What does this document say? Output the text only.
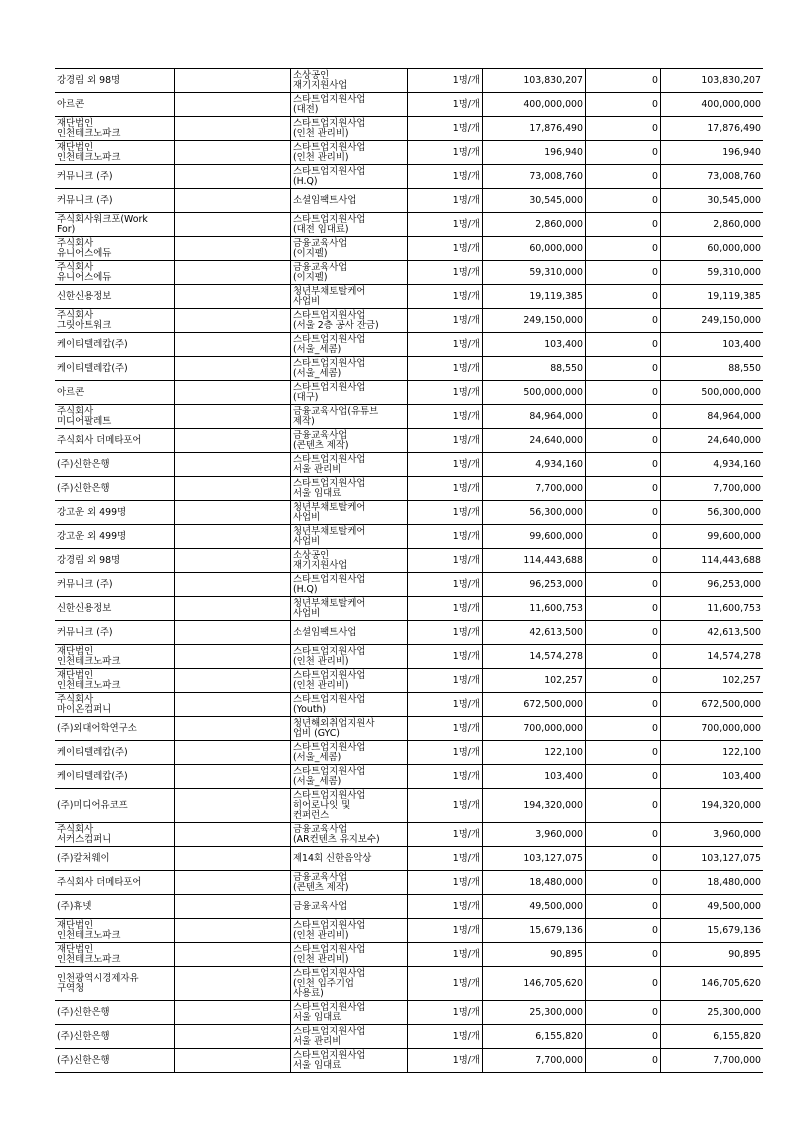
강경림 외 98명		소상공인
재기지원사업	1명/개	103,830,207	0	103,830,207
아르콘		스타트업지원사업
(대전)	1명/개	400,000,000	0	400,000,000
재단법인
인천테크노파크		스타트업지원사업
(인천 관리비)	1명/개	17,876,490	0	17,876,490
재단법인
인천테크노파크		스타트업지원사업
(인천 관리비)	1명/개	196,940	0	196,940
커뮤니크 (주)		스타트업지원사업
(H.Q)	1명/개	73,008,760	0	73,008,760
커뮤니크 (주)		소셜임팩트사업	1명/개	30,545,000	0	30,545,000
주식회사워크포(Work
For)		스타트업지원사업
(대전 임대료)	1명/개	2,860,000	0	2,860,000
주식회사
유니어스에듀		금융교육사업
(이지펠)	1명/개	60,000,000	0	60,000,000
주식회사
유니어스에듀		금융교육사업
(이지펠)	1명/개	59,310,000	0	59,310,000
신한신용정보		청년부채토탈케어
사업비	1명/개	19,119,385	0	19,119,385
주식회사
그릿아트워크		스타트업지원사업
(서울 2층 공사 잔금)	1명/개	249,150,000	0	249,150,000
케이티텔레캅(주)		스타트업지원사업
(서울_세콤)	1명/개	103,400	0	103,400
케이티텔레캅(주)		스타트업지원사업
(서울_세콤)	1명/개	88,550	0	88,550
아르콘		스타트업지원사업
(대구)	1명/개	500,000,000	0	500,000,000
주식회사
미디어팔레트		금융교육사업(유튜브
제작)	1명/개	84,964,000	0	84,964,000
주식회사 더메타포어		금융교육사업
(콘텐츠 제작)	1명/개	24,640,000	0	24,640,000
(주)신한은행		스타트업지원사업
서울 관리비	1명/개	4,934,160	0	4,934,160
(주)신한은행		스타트업지원사업
서울 임대료	1명/개	7,700,000	0	7,700,000
강고운 외 499명		청년부채토탈케어
사업비	1명/개	56,300,000	0	56,300,000
강고운 외 499명		청년부채토탈케어
사업비	1명/개	99,600,000	0	99,600,000
강경림 외 98명		소상공인
재기지원사업	1명/개	114,443,688	0	114,443,688
커뮤니크 (주)		스타트업지원사업
(H.Q)	1명/개	96,253,000	0	96,253,000
신한신용정보		청년부채토탈케어
사업비	1명/개	11,600,753	0	11,600,753
커뮤니크 (주)		소셜임팩트사업	1명/개	42,613,500	0	42,613,500
재단법인
인천테크노파크		스타트업지원사업
(인천 관리비)	1명/개	14,574,278	0	14,574,278
재단법인
인천테크노파크		스타트업지원사업
(인천 관리비)	1명/개	102,257	0	102,257
주식회사
마이온컴퍼니		스타트업지원사업
(Youth)	1명/개	672,500,000	0	672,500,000
(주)외대어학연구소		청년해외취업지원사
업비 (GYC)	1명/개	700,000,000	0	700,000,000
케이티텔레캅(주)		스타트업지원사업
(서울_세콤)	1명/개	122,100	0	122,100
케이티텔레캅(주)		스타트업지원사업
(서울_세콤)	1명/개	103,400	0	103,400
(주)미디어유코프		스타트업지원사업
히어로나잇 및
컨퍼런스	1명/개	194,320,000	0	194,320,000
주식회사
서커스컴퍼니		금융교육사업
(AR컨텐츠 유지보수)	1명/개	3,960,000	0	3,960,000
(주)칼처웨이		제14회 신한음악상	1명/개	103,127,075	0	103,127,075
주식회사 더메타포어		금융교육사업
(콘텐츠 제작)	1명/개	18,480,000	0	18,480,000
(주)휴넷		금융교육사업	1명/개	49,500,000	0	49,500,000
재단법인
인천테크노파크		스타트업지원사업
(인천 관리비)	1명/개	15,679,136	0	15,679,136
재단법인
인천테크노파크		스타트업지원사업
(인천 관리비)	1명/개	90,895	0	90,895
인천광역시경제자유
구역청		스타트업지원사업
(인천 입주기업
사용료)	1명/개	146,705,620	0	146,705,620
(주)신한은행		스타트업지원사업
서울 임대료	1명/개	25,300,000	0	25,300,000
(주)신한은행		스타트업지원사업
서울 관리비	1명/개	6,155,820	0	6,155,820
(주)신한은행		스타트업지원사업
서울 임대료	1명/개	7,700,000	0	7,700,000
